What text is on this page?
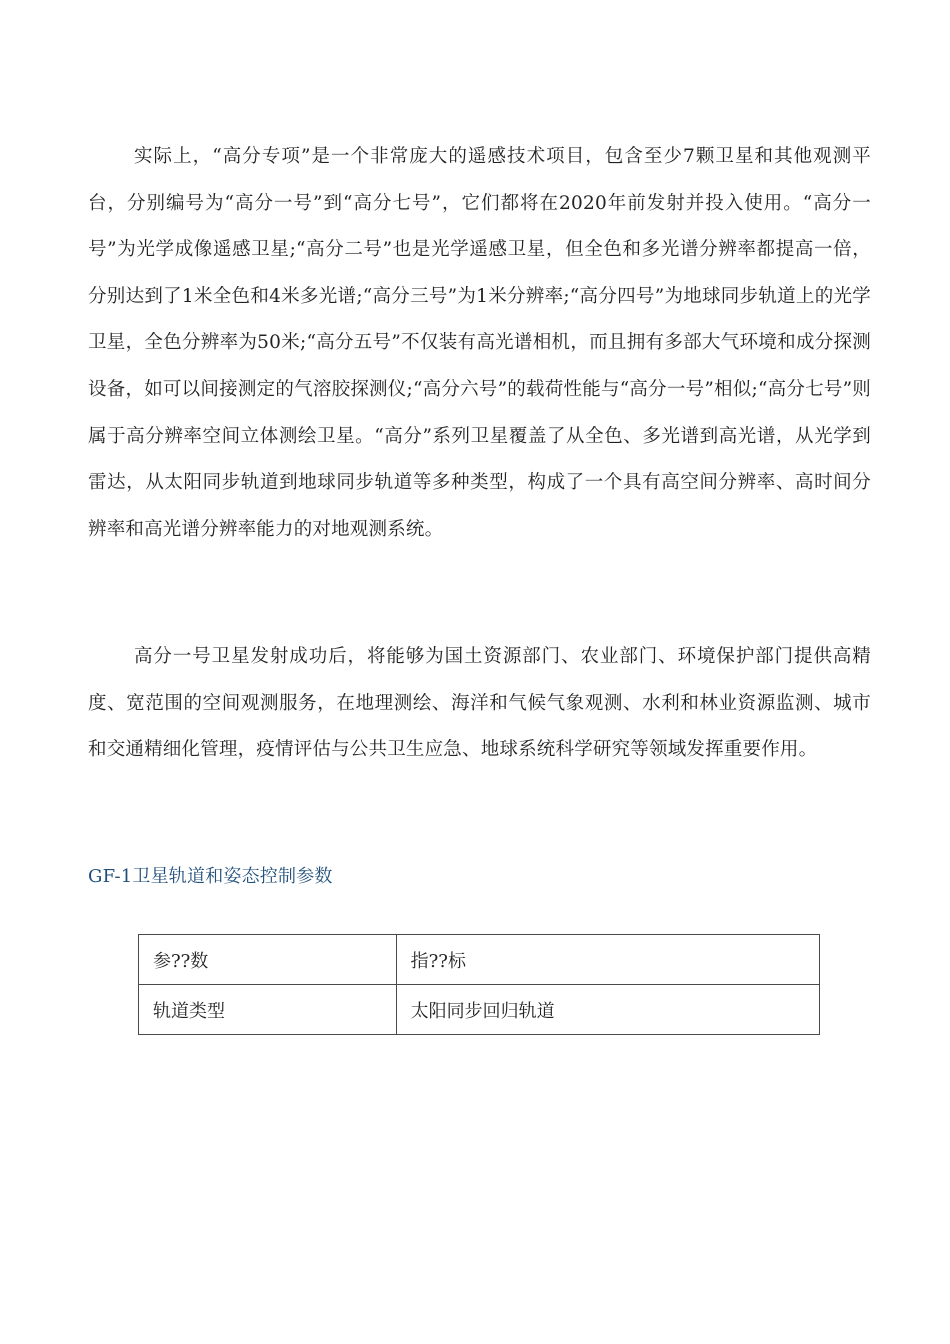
实际上，“高分专项”是一个非常庞大的遥感技术项目，包含至少7颗卫星和其他观测平台，分别编号为“高分一号”到“高分七号”，它们都将在2020年前发射并投入使用。“高分一号”为光学成像遥感卫星;“高分二号”也是光学遥感卫星，但全色和多光谱分辨率都提高一倍，分别达到了1米全色和4米多光谱;“高分三号”为1米分辨率;“高分四号”为地球同步轨道上的光学卫星，全色分辨率为50米;“高分五号”不仅装有高光谱相机，而且拥有多部大气环境和成分探测设备，如可以间接测定的气溶胶探测仪;“高分六号”的载荷性能与“高分一号”相似;“高分七号”则属于高分辨率空间立体测绘卫星。“高分”系列卫星覆盖了从全色、多光谱到高光谱，从光学到雷达，从太阳同步轨道到地球同步轨道等多种类型，构成了一个具有高空间分辨率、高时间分辨率和高光谱分辨率能力的对地观测系统。

高分一号卫星发射成功后，将能够为国土资源部门、农业部门、环境保护部门提供高精度、宽范围的空间观测服务，在地理测绘、海洋和气候气象观测、水利和林业资源监测、城市和交通精细化管理，疫情评估与公共卫生应急、地球系统科学研究等领域发挥重要作用。

GF-1卫星轨道和姿态控制参数

参??数	指??标
轨道类型	太阳同步回归轨道
